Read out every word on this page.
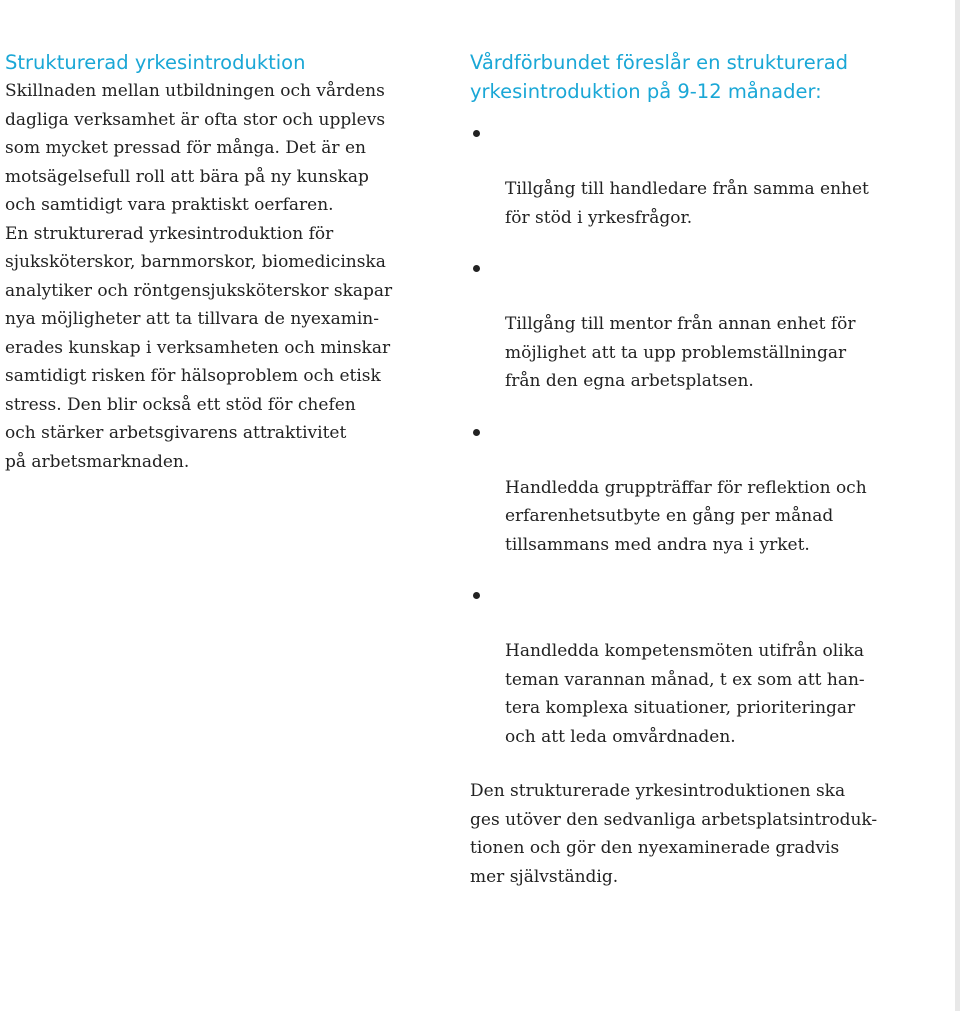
Strukturerad yrkesintroduktion

Skillnaden mellan utbildningen och vårdens
dagliga verksamhet är ofta stor och upplevs
som mycket pressad för många. Det är en
motsägelsefull roll att bära på ny kunskap
och samtidigt vara praktiskt oerfaren.
En strukturerad yrkesintroduktion för
sjuksköterskor, barnmorskor, biomedicinska
analytiker och röntgensjuksköterskor skapar
nya möjligheter att ta tillvara de nyexamin-
erades kunskap i verksamheten och minskar
samtidigt risken för hälsoproblem och etisk
stress. Den blir också ett stöd för chefen
och stärker arbetsgivarens attraktivitet
på arbetsmarknaden.

Vårdförbundet föreslår en strukturerad
yrkesintroduktion på 9-12 månader:

Tillgång till handledare från samma enhet
för stöd i yrkesfrågor.

Tillgång till mentor från annan enhet för
möjlighet att ta upp problemställningar
från den egna arbetsplatsen.

Handledda gruppträffar för reflektion och
erfarenhetsutbyte en gång per månad
tillsammans med andra nya i yrket.

Handledda kompetensmöten utifrån olika
teman varannan månad, t ex som att han-
tera komplexa situationer, prioriteringar
och att leda omvårdnaden.

Den strukturerade yrkesintroduktionen ska
ges utöver den sedvanliga arbetsplatsintroduk-
tionen och gör den nyexaminerade gradvis
mer självständig.
